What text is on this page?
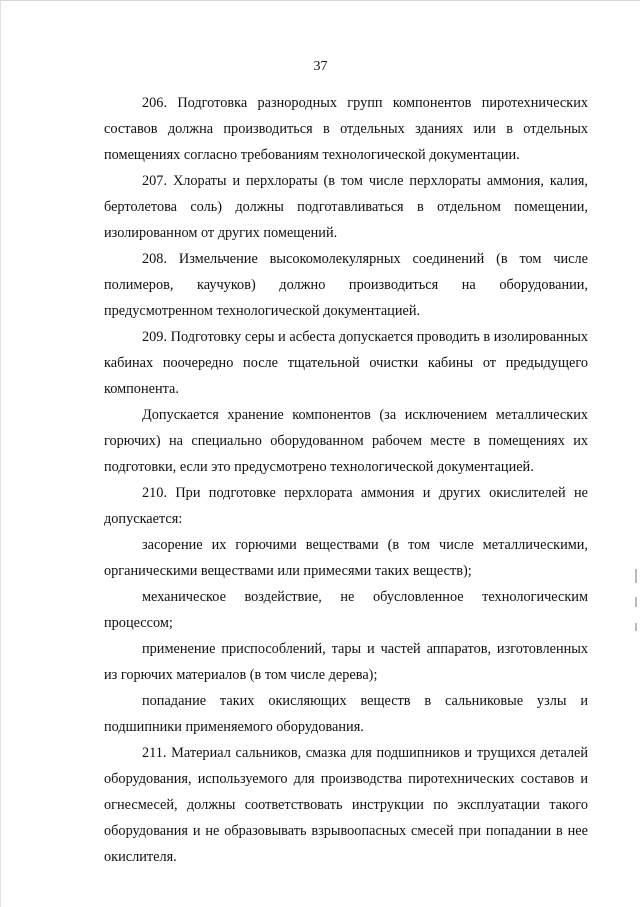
37

206. Подготовка разнородных групп компонентов пиротехнических составов должна производиться в отдельных зданиях или в отдельных помещениях согласно требованиям технологической документации.

207. Хлораты и перхлораты (в том числе перхлораты аммония, калия, бертолетова соль) должны подготавливаться в отдельном помещении, изолированном от других помещений.

208. Измельчение высокомолекулярных соединений (в том числе полимеров, каучуков) должно производиться на оборудовании, предусмотренном технологической документацией.

209. Подготовку серы и асбеста допускается проводить в изолированных кабинах поочередно после тщательной очистки кабины от предыдущего компонента.

Допускается хранение компонентов (за исключением металлических горючих) на специально оборудованном рабочем месте в помещениях их подготовки, если это предусмотрено технологической документацией.

210. При подготовке перхлората аммония и других окислителей не допускается:

засорение их горючими веществами (в том числе металлическими, органическими веществами или примесями таких веществ);

механическое воздействие, не обусловленное технологическим процессом;

применение приспособлений, тары и частей аппаратов, изготовленных из горючих материалов (в том числе дерева);

попадание таких окисляющих веществ в сальниковые узлы и подшипники применяемого оборудования.

211. Материал сальников, смазка для подшипников и трущихся деталей оборудования, используемого для производства пиротехнических составов и огнесмесей, должны соответствовать инструкции по эксплуатации такого оборудования и не образовывать взрывоопасных смесей при попадании в нее окислителя.
